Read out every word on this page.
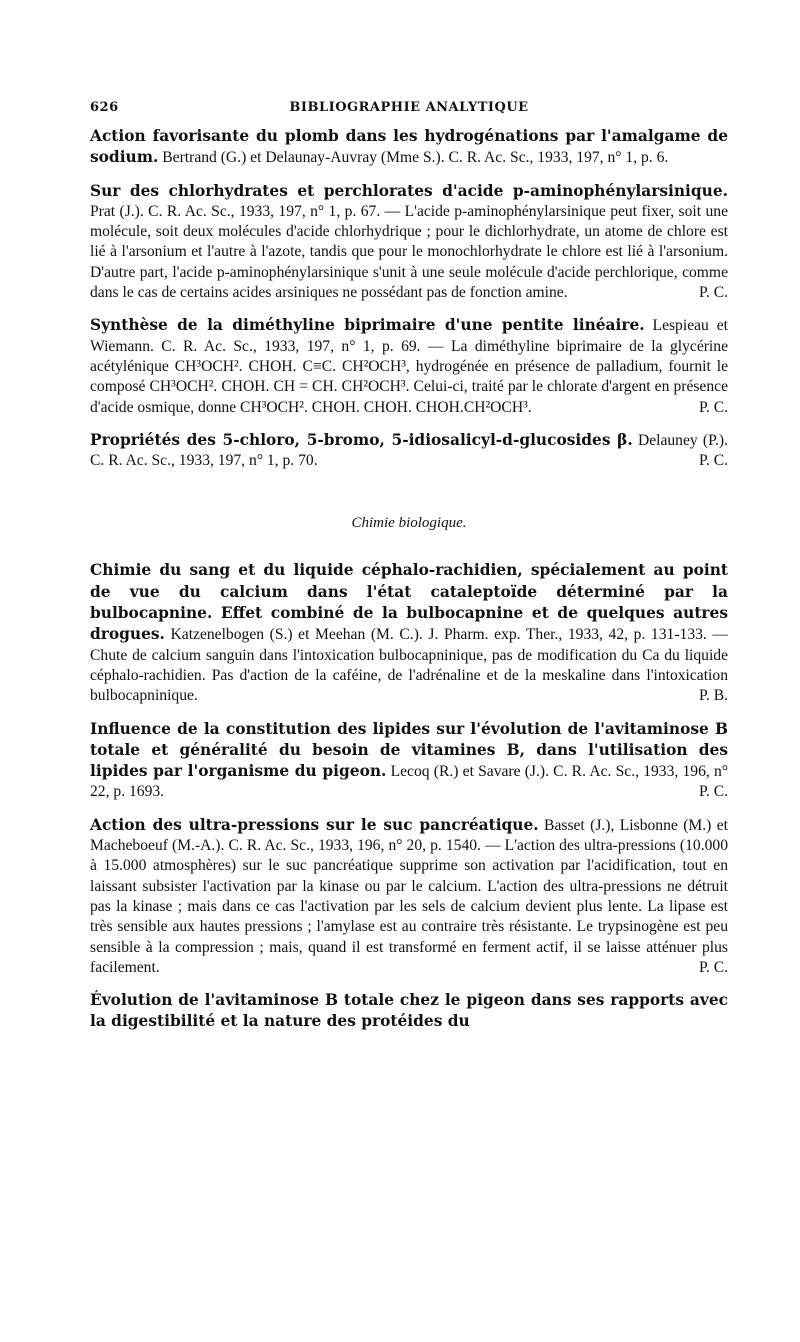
626	BIBLIOGRAPHIE ANALYTIQUE
Action favorisante du plomb dans les hydrogénations par l'amalgame de sodium. Bertrand (G.) et Delaunay-Auvray (Mme S.). C. R. Ac. Sc., 1933, 197, n° 1, p. 6.
Sur des chlorhydrates et perchlorates d'acide p-aminophénylarsinique. Prat (J.). C. R. Ac. Sc., 1933, 197, n° 1, p. 67. — L'acide p-aminophénylarsinique peut fixer, soit une molécule, soit deux molécules d'acide chlorhydrique ; pour le dichlorhydrate, un atome de chlore est lié à l'arsonium et l'autre à l'azote, tandis que pour le monochlorhydrate le chlore est lié à l'arsonium. D'autre part, l'acide p-aminophénylarsinique s'unit à une seule molécule d'acide perchlorique, comme dans le cas de certains acides arsiniques ne possédant pas de fonction amine.	P. C.
Synthèse de la diméthyline biprimaire d'une pentite linéaire. Lespieau et Wiemann. C. R. Ac. Sc., 1933, 197, n° 1, p. 69. — La diméthyline biprimaire de la glycérine acétylénique CH³OCH². CHOH. C≡C. CH²OCH³, hydrogénée en présence de palladium, fournit le composé CH³OCH². CHOH. CH = CH. CH²OCH³. Celui-ci, traité par le chlorate d'argent en présence d'acide osmique, donne CH³OCH². CHOH. CHOH. CHOH.CH²OCH³.	P. C.
Propriétés des 5-chloro, 5-bromo, 5-idiosalicyl-d-glucosides β. Delauney (P.). C. R. Ac. Sc., 1933, 197, n° 1, p. 70.	P. C.
Chimie biologique.
Chimie du sang et du liquide céphalo-rachidien, spécialement au point de vue du calcium dans l'état cataleptoïde déterminé par la bulbocapnine. Effet combiné de la bulbocapnine et de quelques autres drogues. Katzenelbogen (S.) et Meehan (M. C.). J. Pharm. exp. Ther., 1933, 42, p. 131-133. — Chute de calcium sanguin dans l'intoxication bulbocapninique, pas de modification du Ca du liquide céphalo-rachidien. Pas d'action de la caféine, de l'adrénaline et de la meskaline dans l'intoxication bulbocapninique.	P. B.
Influence de la constitution des lipides sur l'évolution de l'avitaminose B totale et généralité du besoin de vitamines B, dans l'utilisation des lipides par l'organisme du pigeon. Lecoq (R.) et Savare (J.). C. R. Ac. Sc., 1933, 196, n° 22, p. 1693.	P. C.
Action des ultra-pressions sur le suc pancréatique. Basset (J.), Lisbonne (M.) et Macheboeuf (M.-A.). C. R. Ac. Sc., 1933, 196, n° 20, p. 1540. — L'action des ultra-pressions (10.000 à 15.000 atmosphères) sur le suc pancréatique supprime son activation par l'acidification, tout en laissant subsister l'activation par la kinase ou par le calcium. L'action des ultra-pressions ne détruit pas la kinase ; mais dans ce cas l'activation par les sels de calcium devient plus lente. La lipase est très sensible aux hautes pressions ; l'amylase est au contraire très résistante. Le trypsinogène est peu sensible à la compression ; mais, quand il est transformé en ferment actif, il se laisse atténuer plus facilement.	P. C.
Évolution de l'avitaminose B totale chez le pigeon dans ses rapports avec la digestibilité et la nature des protéides du
